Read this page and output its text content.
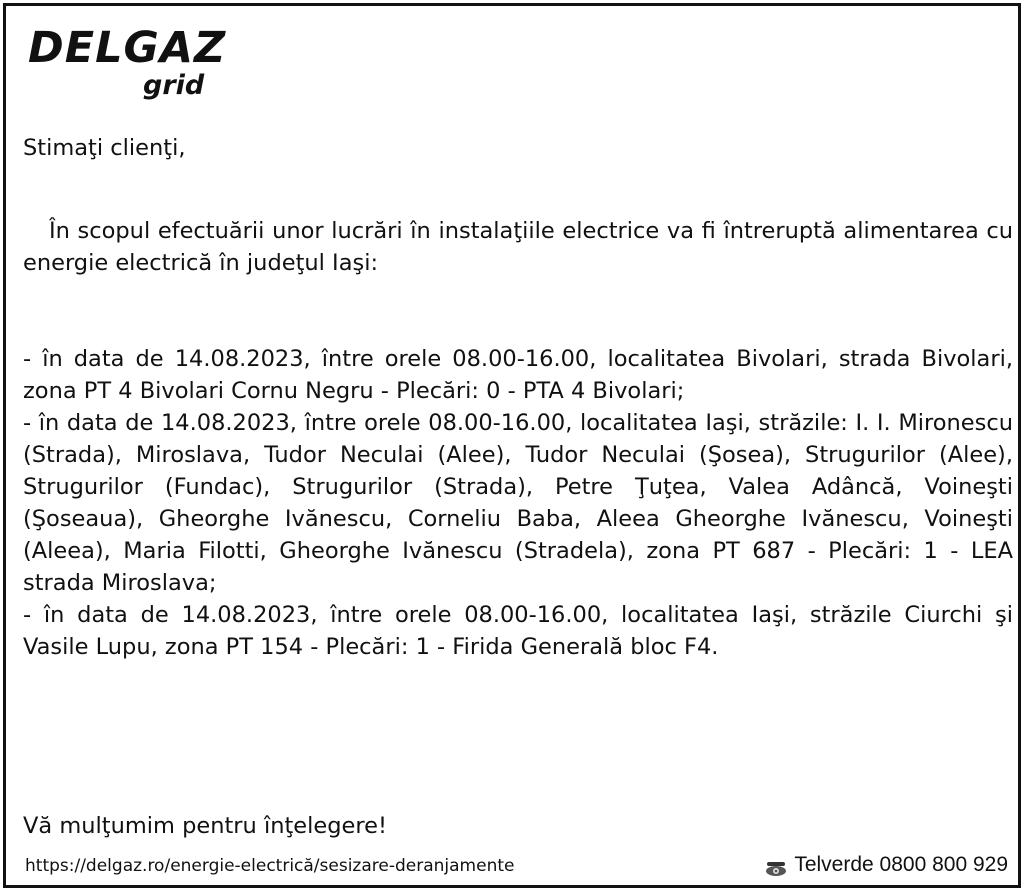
DELGAZ
grid
Stimaţi clienţi,
În scopul efectuării unor lucrări în instalaţiile electrice va fi întreruptă alimentarea cu energie electrică în judeţul Iaşi:

- în data de 14.08.2023, între orele 08.00-16.00, localitatea Bivolari, strada Bivolari, zona PT 4 Bivolari Cornu Negru - Plecări: 0 - PTA 4 Bivolari;

- în data de 14.08.2023, între orele 08.00-16.00, localitatea Iaşi, străzile: I. I. Mironescu (Strada), Miroslava, Tudor Neculai (Alee), Tudor Neculai (Şosea), Strugurilor (Alee), Strugurilor (Fundac), Strugurilor (Strada), Petre Ţuţea, Valea Adâncă, Voineşti (Şoseaua), Gheorghe Ivănescu, Corneliu Baba, Aleea Gheorghe Ivănescu, Voineşti (Aleea), Maria Filotti, Gheorghe Ivănescu (Stradela), zona PT 687 - Plecări: 1 - LEA strada Miroslava;

- în data de 14.08.2023, între orele 08.00-16.00, localitatea Iaşi, străzile Ciurchi şi Vasile Lupu, zona PT 154 - Plecări: 1 - Firida Generală bloc F4.

Vă mulţumim pentru înţelegere!
https://delgaz.ro/energie-electrică/sesizare-deranjamente	Telverde 0800 800 929
